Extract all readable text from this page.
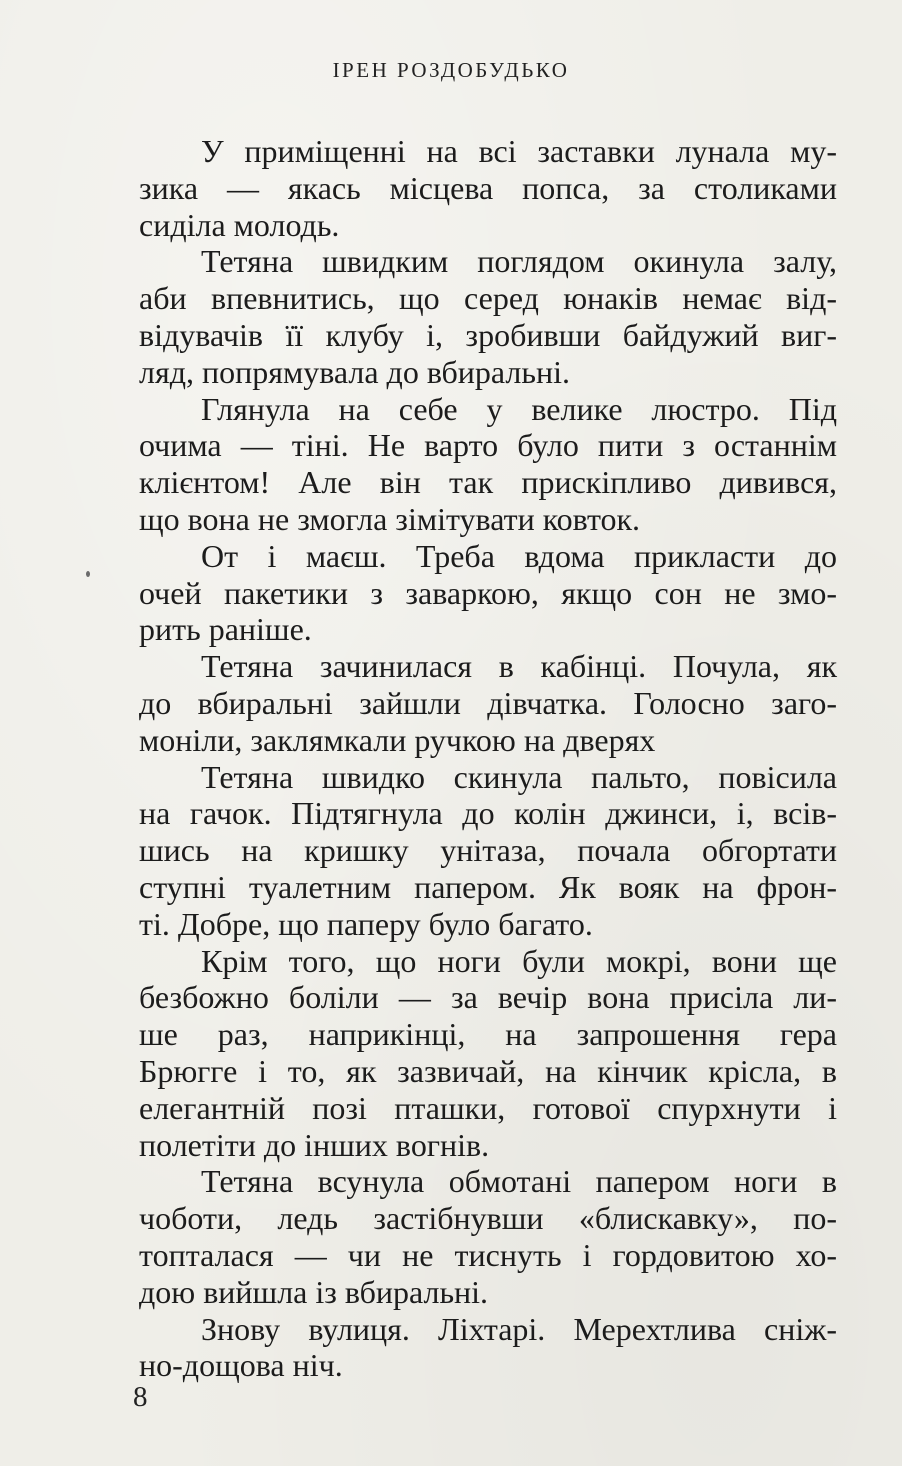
ІРЕН РОЗДОБУДЬКО
У приміщенні на всі заставки лунала му-
зика — якась місцева попса, за столиками
сиділа молодь.
Тетяна швидким поглядом окинула залу,
аби впевнитись, що серед юнаків немає від-
відувачів її клубу і, зробивши байдужий виг-
ляд, попрямувала до вбиральні.
Глянула на себе у велике люстро. Під
очима — тіні. Не варто було пити з останнім
клієнтом! Але він так прискіпливо дивився,
що вона не змогла зімітувати ковток.
От і маєш. Треба вдома прикласти до
очей пакетики з заваркою, якщо сон не змо-
рить раніше.
Тетяна зачинилася в кабінці. Почула, як
до вбиральні зайшли дівчатка. Голосно заго-
моніли, заклямкали ручкою на дверях
Тетяна швидко скинула пальто, повісила
на гачок. Підтягнула до колін джинси, і, всів-
шись на кришку унітаза, почала обгортати
ступні туалетним папером. Як вояк на фрон-
ті. Добре, що паперу було багато.
Крім того, що ноги були мокрі, вони ще
безбожно боліли — за вечір вона присіла ли-
ше раз, наприкінці, на запрошення гера
Брюгге і то, як зазвичай, на кінчик крісла, в
елегантній позі пташки, готової спурхнути і
полетіти до інших вогнів.
Тетяна всунула обмотані папером ноги в
чоботи, ледь застібнувши «блискавку», по-
топталася — чи не тиснуть і гордовитою хо-
дою вийшла із вбиральні.
Знову вулиця. Ліхтарі. Мерехтлива сніж-
но-дощова ніч.
8
